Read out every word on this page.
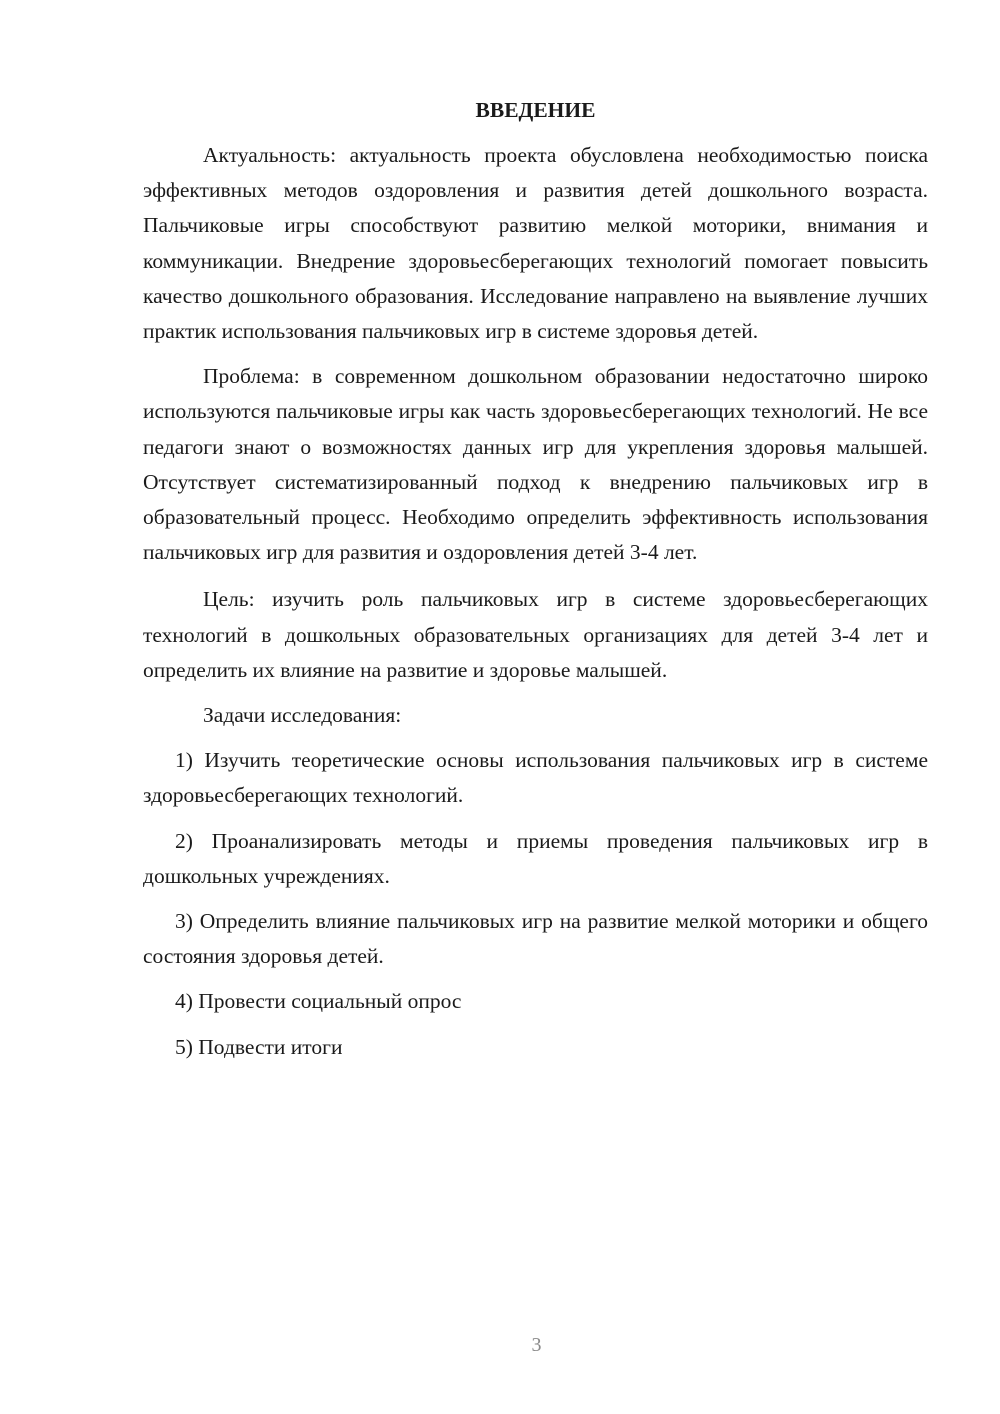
ВВЕДЕНИЕ

Актуальность: актуальность проекта обусловлена необходимостью поиска эффективных методов оздоровления и развития детей дошкольного возраста. Пальчиковые игры способствуют развитию мелкой моторики, внимания и коммуникации. Внедрение здоровьесберегающих технологий помогает повысить качество дошкольного образования. Исследование направлено на выявление лучших практик использования пальчиковых игр в системе здоровья детей.

Проблема: в современном дошкольном образовании недостаточно широко используются пальчиковые игры как часть здоровьесберегающих технологий. Не все педагоги знают о возможностях данных игр для укрепления здоровья малышей. Отсутствует систематизированный подход к внедрению пальчиковых игр в образовательный процесс. Необходимо определить эффективность использования пальчиковых игр для развития и оздоровления детей 3-4 лет.

Цель: изучить роль пальчиковых игр в системе здоровьесберегающих технологий в дошкольных образовательных организациях для детей 3-4 лет и определить их влияние на развитие и здоровье малышей.

Задачи исследования:

1) Изучить теоретические основы использования пальчиковых игр в системе здоровьесберегающих технологий.

2) Проанализировать методы и приемы проведения пальчиковых игр в дошкольных учреждениях.

3) Определить влияние пальчиковых игр на развитие мелкой моторики и общего состояния здоровья детей.

4) Провести социальный опрос

5) Подвести итоги

3
